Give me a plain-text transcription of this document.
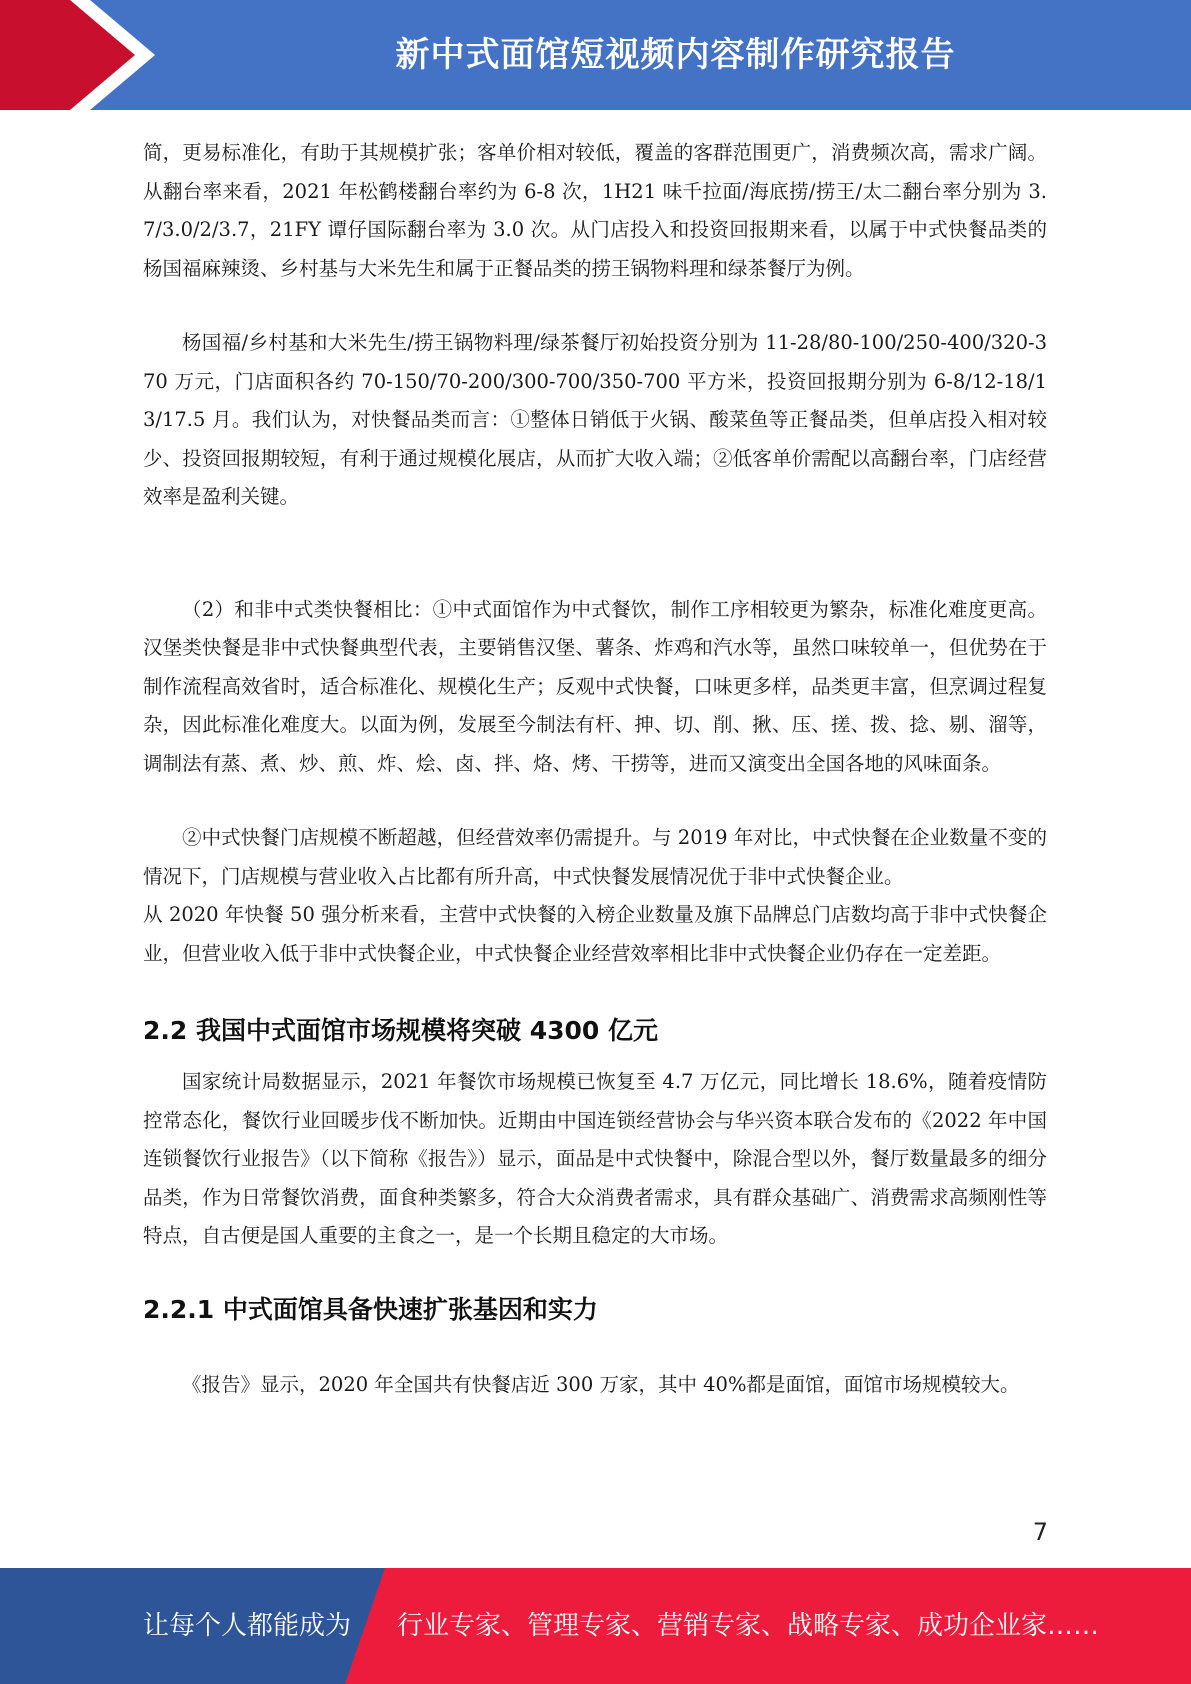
新中式面馆短视频内容制作研究报告

简，更易标准化，有助于其规模扩张；客单价相对较低，覆盖的客群范围更广，消费频次高，需求广阔。从翻台率来看，2021 年松鹤楼翻台率约为 6-8 次，1H21 味千拉面/海底捞/捞王/太二翻台率分别为 3.7/3.0/2/3.7，21FY 谭仔国际翻台率为 3.0 次。从门店投入和投资回报期来看，以属于中式快餐品类的杨国福麻辣烫、乡村基与大米先生和属于正餐品类的捞王锅物料理和绿茶餐厅为例。

杨国福/乡村基和大米先生/捞王锅物料理/绿茶餐厅初始投资分别为 11-28/80-100/250-400/320-370 万元，门店面积各约 70-150/70-200/300-700/350-700 平方米，投资回报期分别为 6-8/12-18/13/17.5 月。我们认为，对快餐品类而言：①整体日销低于火锅、酸菜鱼等正餐品类，但单店投入相对较少、投资回报期较短，有利于通过规模化展店，从而扩大收入端；②低客单价需配以高翻台率，门店经营效率是盈利关键。

（2）和非中式类快餐相比：①中式面馆作为中式餐饮，制作工序相较更为繁杂，标准化难度更高。汉堡类快餐是非中式快餐典型代表，主要销售汉堡、薯条、炸鸡和汽水等，虽然口味较单一，但优势在于制作流程高效省时，适合标准化、规模化生产；反观中式快餐，口味更多样，品类更丰富，但烹调过程复杂，因此标准化难度大。以面为例，发展至今制法有杆、抻、切、削、揪、压、搓、拨、捻、剔、溜等，调制法有蒸、煮、炒、煎、炸、烩、卤、拌、烙、烤、干捞等，进而又演变出全国各地的风味面条。

②中式快餐门店规模不断超越，但经营效率仍需提升。与 2019 年对比，中式快餐在企业数量不变的情况下，门店规模与营业收入占比都有所升高，中式快餐发展情况优于非中式快餐企业。

从 2020 年快餐 50 强分析来看，主营中式快餐的入榜企业数量及旗下品牌总门店数均高于非中式快餐企业，但营业收入低于非中式快餐企业，中式快餐企业经营效率相比非中式快餐企业仍存在一定差距。

2.2 我国中式面馆市场规模将突破 4300 亿元

国家统计局数据显示，2021 年餐饮市场规模已恢复至 4.7 万亿元，同比增长 18.6%，随着疫情防控常态化，餐饮行业回暖步伐不断加快。近期由中国连锁经营协会与华兴资本联合发布的《2022 年中国连锁餐饮行业报告》（以下简称《报告》）显示，面品是中式快餐中，除混合型以外，餐厅数量最多的细分品类，作为日常餐饮消费，面食种类繁多，符合大众消费者需求，具有群众基础广、消费需求高频刚性等特点，自古便是国人重要的主食之一，是一个长期且稳定的大市场。

2.2.1 中式面馆具备快速扩张基因和实力

《报告》显示，2020 年全国共有快餐店近 300 万家，其中 40%都是面馆，面馆市场规模较大。

7
让每个人都能成为 行业专家、管理专家、营销专家、战略专家、成功企业家……
